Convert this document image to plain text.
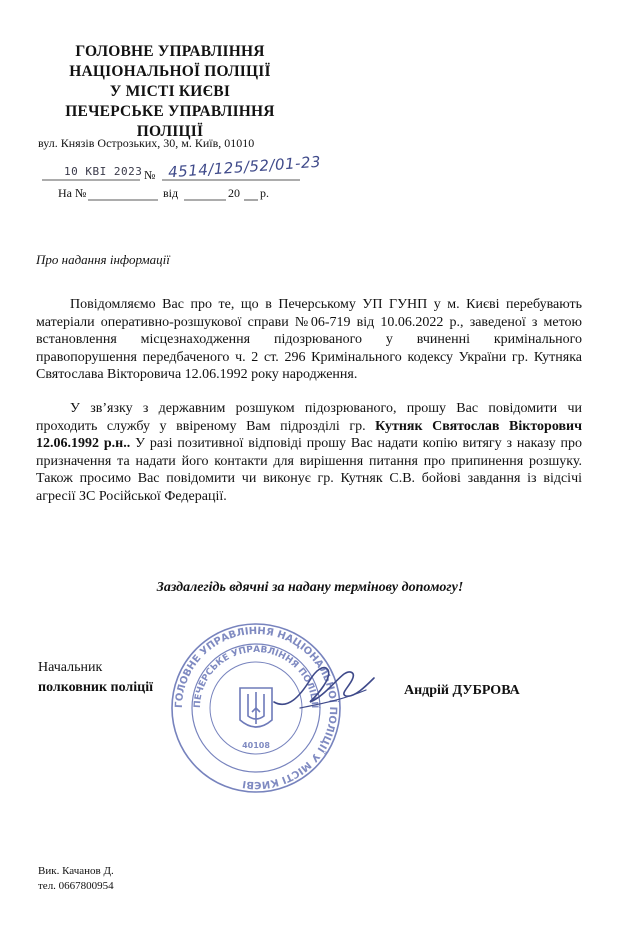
ГОЛОВНЕ УПРАВЛІННЯ
НАЦІОНАЛЬНОЇ ПОЛІЦІЇ
У МІСТІ КИЄВІ
ПЕЧЕРСЬКЕ УПРАВЛІННЯ
ПОЛІЦІЇ
вул. Князів Острозьких, 30, м. Київ, 01010
10 КВІ 2023 № 4514/125/52/01-23
На №	від	20 р.
Про надання інформації
Повідомляємо Вас про те, що в Печерському УП ГУНП у м. Києві перебувають матеріали оперативно-розшукової справи №06-719 від 10.06.2022 р., заведеної з метою встановлення місцезнаходження підозрюваного у вчиненні кримінального правопорушення передбаченого ч. 2 ст. 296 Кримінального кодексу України гр. Кутняка Святослава Вікторовича 12.06.1992 року народження.
У зв’язку з державним розшуком підозрюваного, прошу Вас повідомити чи проходить службу у ввіреному Вам підрозділі гр. Кутняк Святослав Вікторович 12.06.1992 р.н.. У разі позитивної відповіді прошу Вас надати копію витягу з наказу про призначення та надати його контакти для вирішення питання про припинення розшуку. Також просимо Вас повідомити чи виконує гр. Кутняк С.В. бойові завдання із відсічі агресії ЗС Російської Федерації.
Заздалегідь вдячні за надану термінову допомогу!
ГОЛОВНЕ УПРАВЛІННЯ НАЦІОНАЛЬНОЇ ПОЛІЦІЇ У МІСТІ КИЄВІ
ПЕЧЕРСЬКЕ УПРАВЛІННЯ ПОЛІЦІЇ
40108
Начальник
полковник поліції	Андрій ДУБРОВА
Вик. Качанов Д.
тел. 0667800954
